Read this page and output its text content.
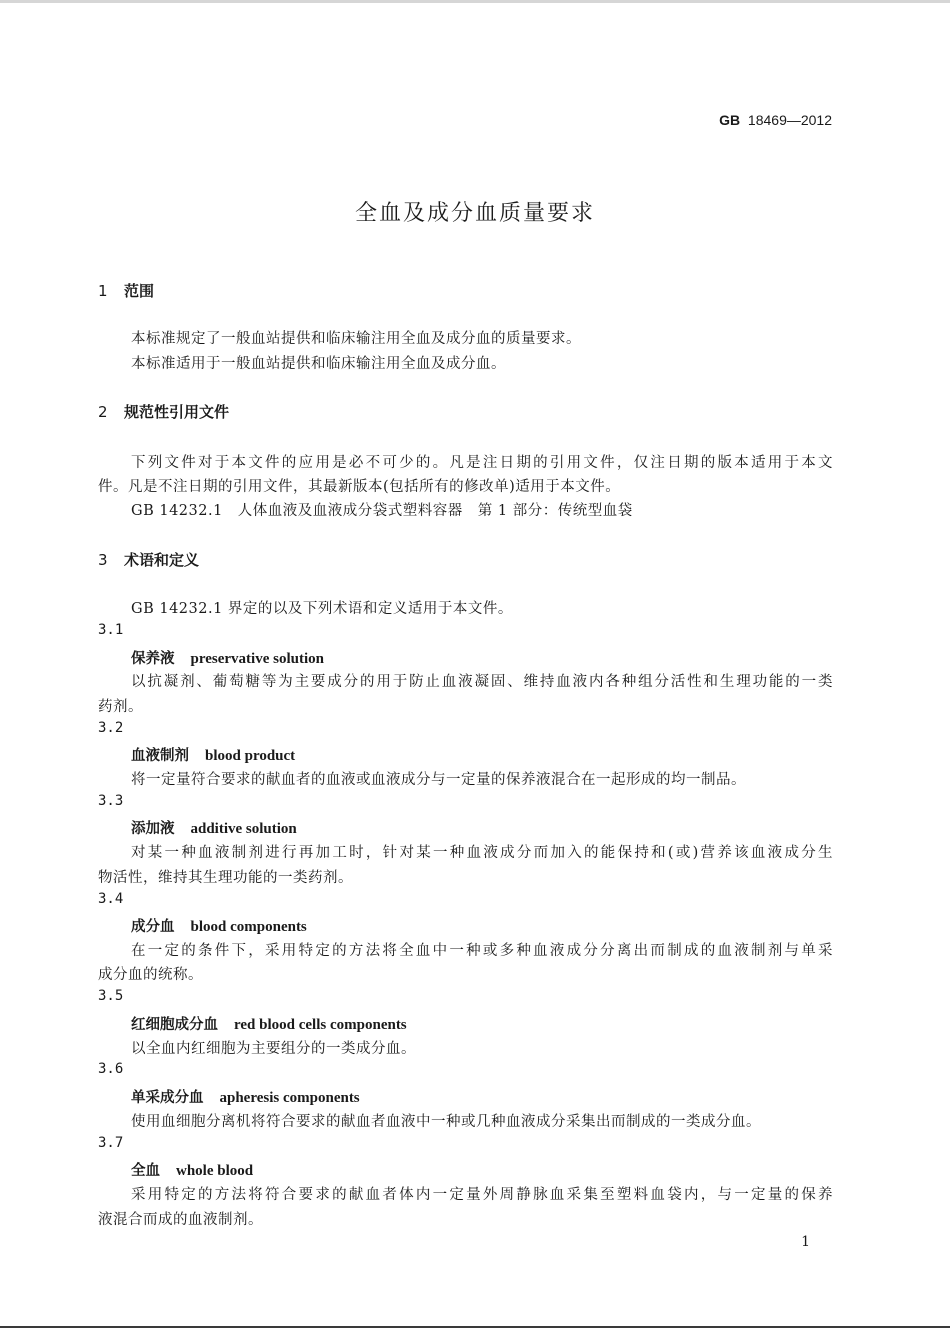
GB 18469—2012
全血及成分血质量要求
1 范围
本标准规定了一般血站提供和临床输注用全血及成分血的质量要求。
本标准适用于一般血站提供和临床输注用全血及成分血。
2 规范性引用文件
下列文件对于本文件的应用是必不可少的。凡是注日期的引用文件，仅注日期的版本适用于本文
件。凡是不注日期的引用文件，其最新版本(包括所有的修改单)适用于本文件。
GB 14232.1　人体血液及血液成分袋式塑料容器　第 1 部分：传统型血袋
3 术语和定义
GB 14232.1 界定的以及下列术语和定义适用于本文件。
3.1
保养液 preservative solution
以抗凝剂、葡萄糖等为主要成分的用于防止血液凝固、维持血液内各种组分活性和生理功能的一类
药剂。
3.2
血液制剂 blood product
将一定量符合要求的献血者的血液或血液成分与一定量的保养液混合在一起形成的均一制品。
3.3
添加液 additive solution
对某一种血液制剂进行再加工时，针对某一种血液成分而加入的能保持和(或)营养该血液成分生
物活性，维持其生理功能的一类药剂。
3.4
成分血 blood components
在一定的条件下，采用特定的方法将全血中一种或多种血液成分分离出而制成的血液制剂与单采
成分血的统称。
3.5
红细胞成分血 red blood cells components
以全血内红细胞为主要组分的一类成分血。
3.6
单采成分血 apheresis components
使用血细胞分离机将符合要求的献血者血液中一种或几种血液成分采集出而制成的一类成分血。
3.7
全血 whole blood
采用特定的方法将符合要求的献血者体内一定量外周静脉血采集至塑料血袋内，与一定量的保养
液混合而成的血液制剂。
1
